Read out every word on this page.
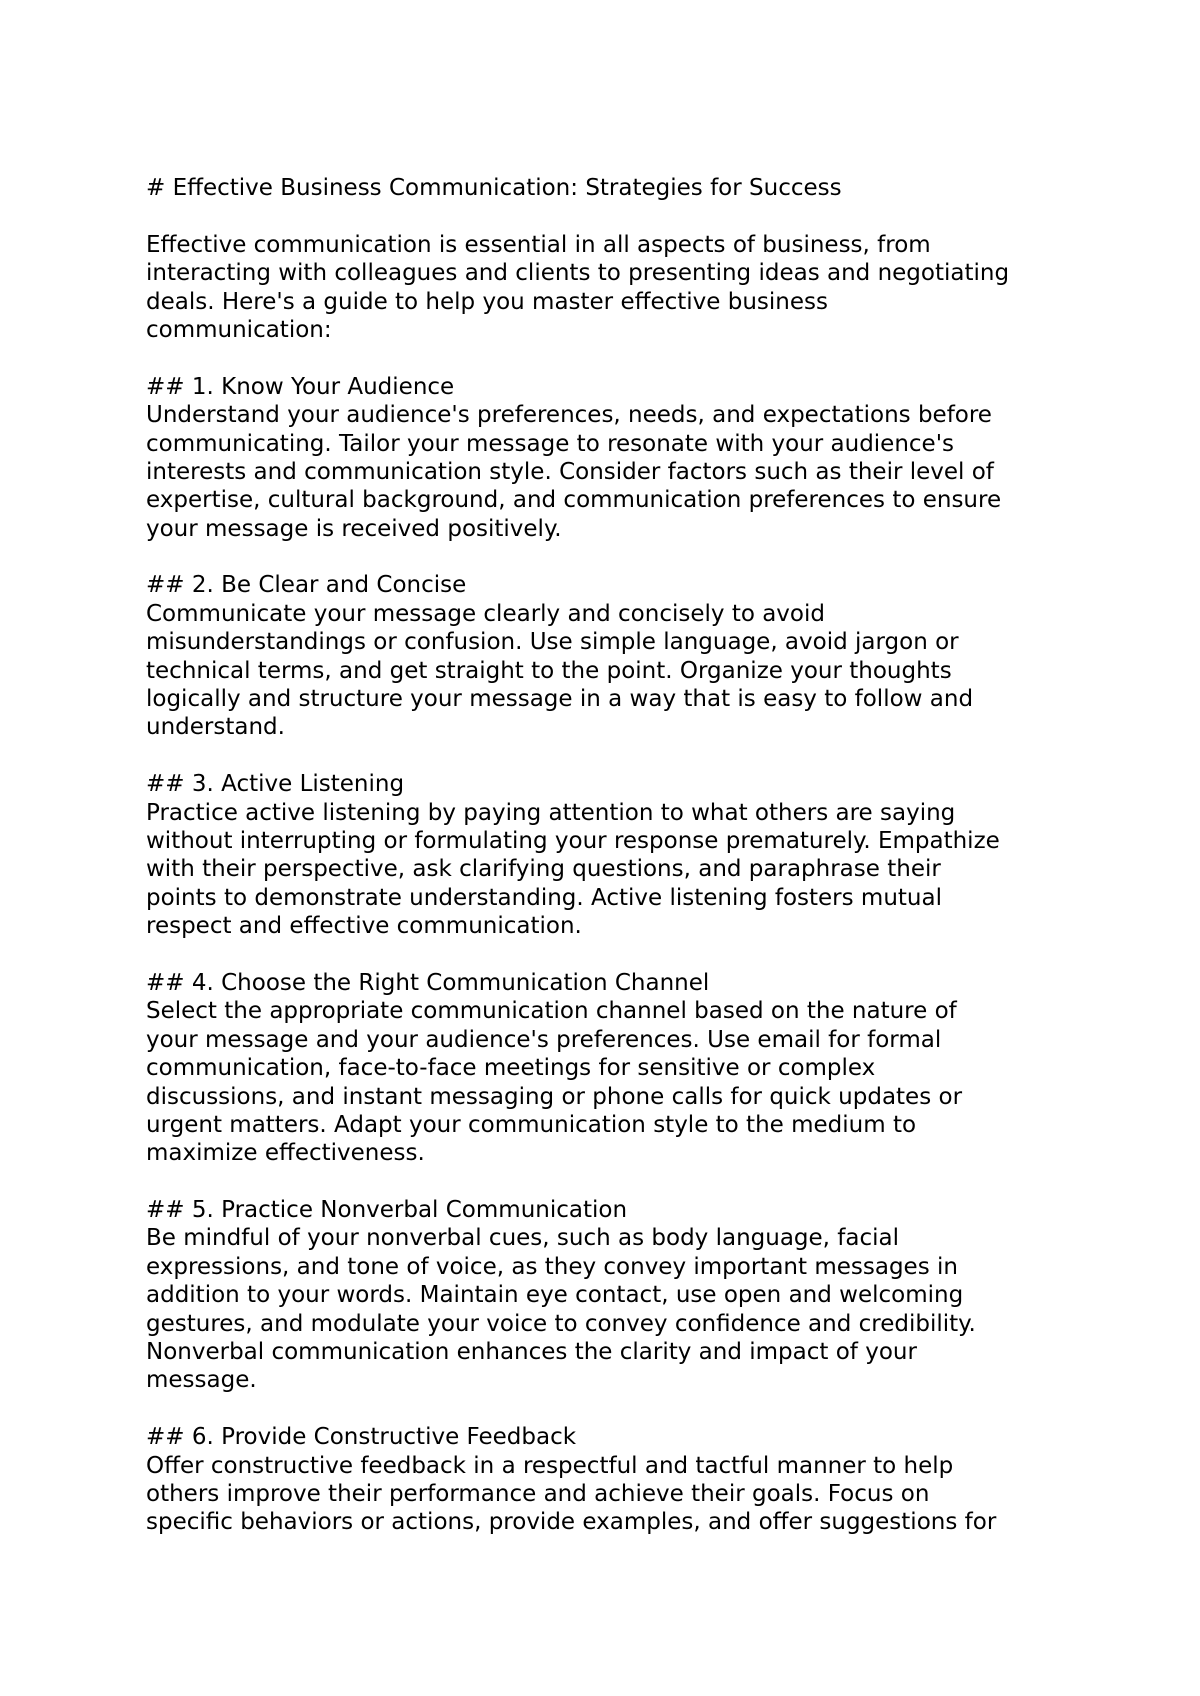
# Effective Business Communication: Strategies for Success
Effective communication is essential in all aspects of business, from
interacting with colleagues and clients to presenting ideas and negotiating
deals. Here's a guide to help you master effective business
communication:
## 1. Know Your Audience
Understand your audience's preferences, needs, and expectations before
communicating. Tailor your message to resonate with your audience's
interests and communication style. Consider factors such as their level of
expertise, cultural background, and communication preferences to ensure
your message is received positively.
## 2. Be Clear and Concise
Communicate your message clearly and concisely to avoid
misunderstandings or confusion. Use simple language, avoid jargon or
technical terms, and get straight to the point. Organize your thoughts
logically and structure your message in a way that is easy to follow and
understand.
## 3. Active Listening
Practice active listening by paying attention to what others are saying
without interrupting or formulating your response prematurely. Empathize
with their perspective, ask clarifying questions, and paraphrase their
points to demonstrate understanding. Active listening fosters mutual
respect and effective communication.
## 4. Choose the Right Communication Channel
Select the appropriate communication channel based on the nature of
your message and your audience's preferences. Use email for formal
communication, face-to-face meetings for sensitive or complex
discussions, and instant messaging or phone calls for quick updates or
urgent matters. Adapt your communication style to the medium to
maximize effectiveness.
## 5. Practice Nonverbal Communication
Be mindful of your nonverbal cues, such as body language, facial
expressions, and tone of voice, as they convey important messages in
addition to your words. Maintain eye contact, use open and welcoming
gestures, and modulate your voice to convey confidence and credibility.
Nonverbal communication enhances the clarity and impact of your
message.
## 6. Provide Constructive Feedback
Offer constructive feedback in a respectful and tactful manner to help
others improve their performance and achieve their goals. Focus on
specific behaviors or actions, provide examples, and offer suggestions for
